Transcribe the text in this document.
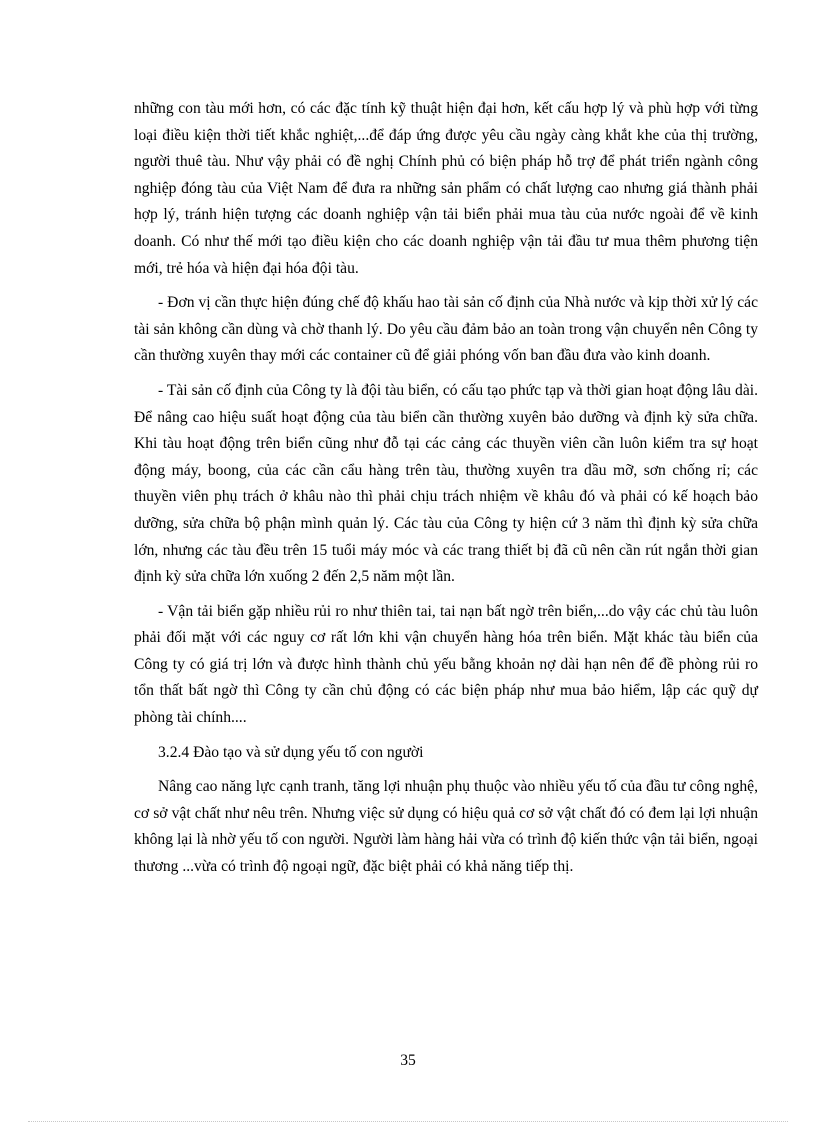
những con tàu mới hơn, có các đặc tính kỹ thuật hiện đại hơn, kết cấu hợp lý và phù hợp với từng loại điều kiện thời tiết khắc nghiệt,...để đáp ứng được yêu cầu ngày càng khắt khe của thị trường, người thuê tàu. Như vậy phải có đề nghị Chính phủ có biện pháp hỗ trợ để phát triển ngành công nghiệp đóng tàu của Việt Nam để đưa ra những sản phẩm có chất lượng cao nhưng giá thành phải hợp lý, tránh hiện tượng các doanh nghiệp vận tải biển phải mua tàu của nước ngoài để về kinh doanh. Có như thế mới tạo điều kiện cho các doanh nghiệp vận tải đầu tư mua thêm phương tiện mới, trẻ hóa và hiện đại hóa đội tàu.

- Đơn vị cần thực hiện đúng chế độ khấu hao tài sản cố định của Nhà nước và kịp thời xử lý các tài sản không cần dùng và chờ thanh lý. Do yêu cầu đảm bảo an toàn trong vận chuyển nên Công ty cần thường xuyên thay mới các container cũ để giải phóng vốn ban đầu đưa vào kinh doanh.

- Tài sản cố định của Công ty là đội tàu biển, có cấu tạo phức tạp và thời gian hoạt động lâu dài. Để nâng cao hiệu suất hoạt động của tàu biển cần thường xuyên bảo dưỡng và định kỳ sửa chữa. Khi tàu hoạt động trên biển cũng như đỗ tại các cảng các thuyền viên cần luôn kiểm tra sự hoạt động máy, boong, của các cần cẩu hàng trên tàu, thường xuyên tra dầu mỡ, sơn chống rỉ; các thuyền viên phụ trách ở khâu nào thì phải chịu trách nhiệm về khâu đó và phải có kế hoạch bảo dưỡng, sửa chữa bộ phận mình quản lý. Các tàu của Công ty hiện cứ 3 năm thì định kỳ sửa chữa lớn, nhưng các tàu đều trên 15 tuổi máy móc và các trang thiết bị đã cũ nên cần rút ngắn thời gian định kỳ sửa chữa lớn xuống 2 đến 2,5 năm một lần.

- Vận tải biển gặp nhiều rủi ro như thiên tai, tai nạn bất ngờ trên biển,...do vậy các chủ tàu luôn phải đối mặt với các nguy cơ rất lớn khi vận chuyển hàng hóa trên biển. Mặt khác tàu biển của Công ty có giá trị lớn và được hình thành chủ yếu bằng khoản nợ dài hạn nên để đề phòng rủi ro tổn thất bất ngờ thì Công ty cần chủ động có các biện pháp như mua bảo hiểm, lập các quỹ dự phòng tài chính....

3.2.4 Đào tạo và sử dụng yếu tố con người

Nâng cao năng lực cạnh tranh, tăng lợi nhuận phụ thuộc vào nhiều yếu tố của đầu tư công nghệ, cơ sở vật chất như nêu trên. Nhưng việc sử dụng có hiệu quả cơ sở vật chất đó có đem lại lợi nhuận không lại là nhờ yếu tố con người. Người làm hàng hải vừa có trình độ kiến thức vận tải biển, ngoại thương ...vừa có trình độ ngoại ngữ, đặc biệt phải có khả năng tiếp thị.

35
